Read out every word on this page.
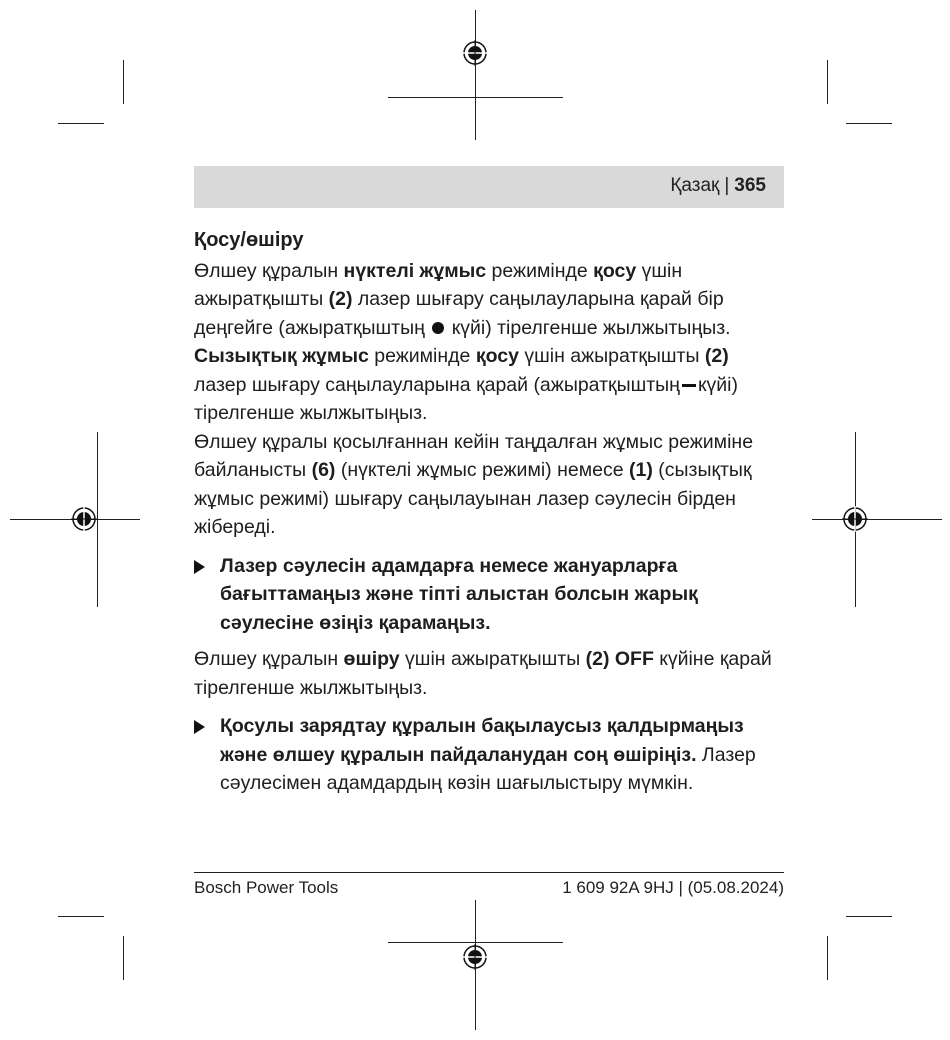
Қазақ | 365

Қосу/өшіру

Өлшеу құралын нүктелі жұмыс режимінде қосу үшін ажыратқышты (2) лазер шығару саңылауларына қарай бір деңгейге (ажыратқыштың  күйі) тірелгенше жылжытыңыз.

Сызықтық жұмыс режимінде қосу үшін ажыратқышты (2) лазер шығару саңылауларына қарай (ажыратқыштың күйі) тірелгенше жылжытыңыз.

Өлшеу құралы қосылғаннан кейін таңдалған жұмыс режиміне байланысты (6) (нүктелі жұмыс режимі) немесе (1) (сызықтық жұмыс режимі) шығару саңылауынан лазер сәулесін бірден жібереді.

Лазер сәулесін адамдарға немесе жануарларға бағыттамаңыз және тіпті алыстан болсын жарық сәулесіне өзіңіз қарамаңыз.

Өлшеу құралын өшіру үшін ажыратқышты (2) OFF күйіне қарай тірелгенше жылжытыңыз.

Қосулы зарядтау құралын бақылаусыз қалдырмаңыз және өлшеу құралын пайдаланудан соң өшіріңіз. Лазер сәулесімен адамдардың көзін шағылыстыру мүмкін.
Bosch Power Tools	1 609 92A 9HJ | (05.08.2024)
